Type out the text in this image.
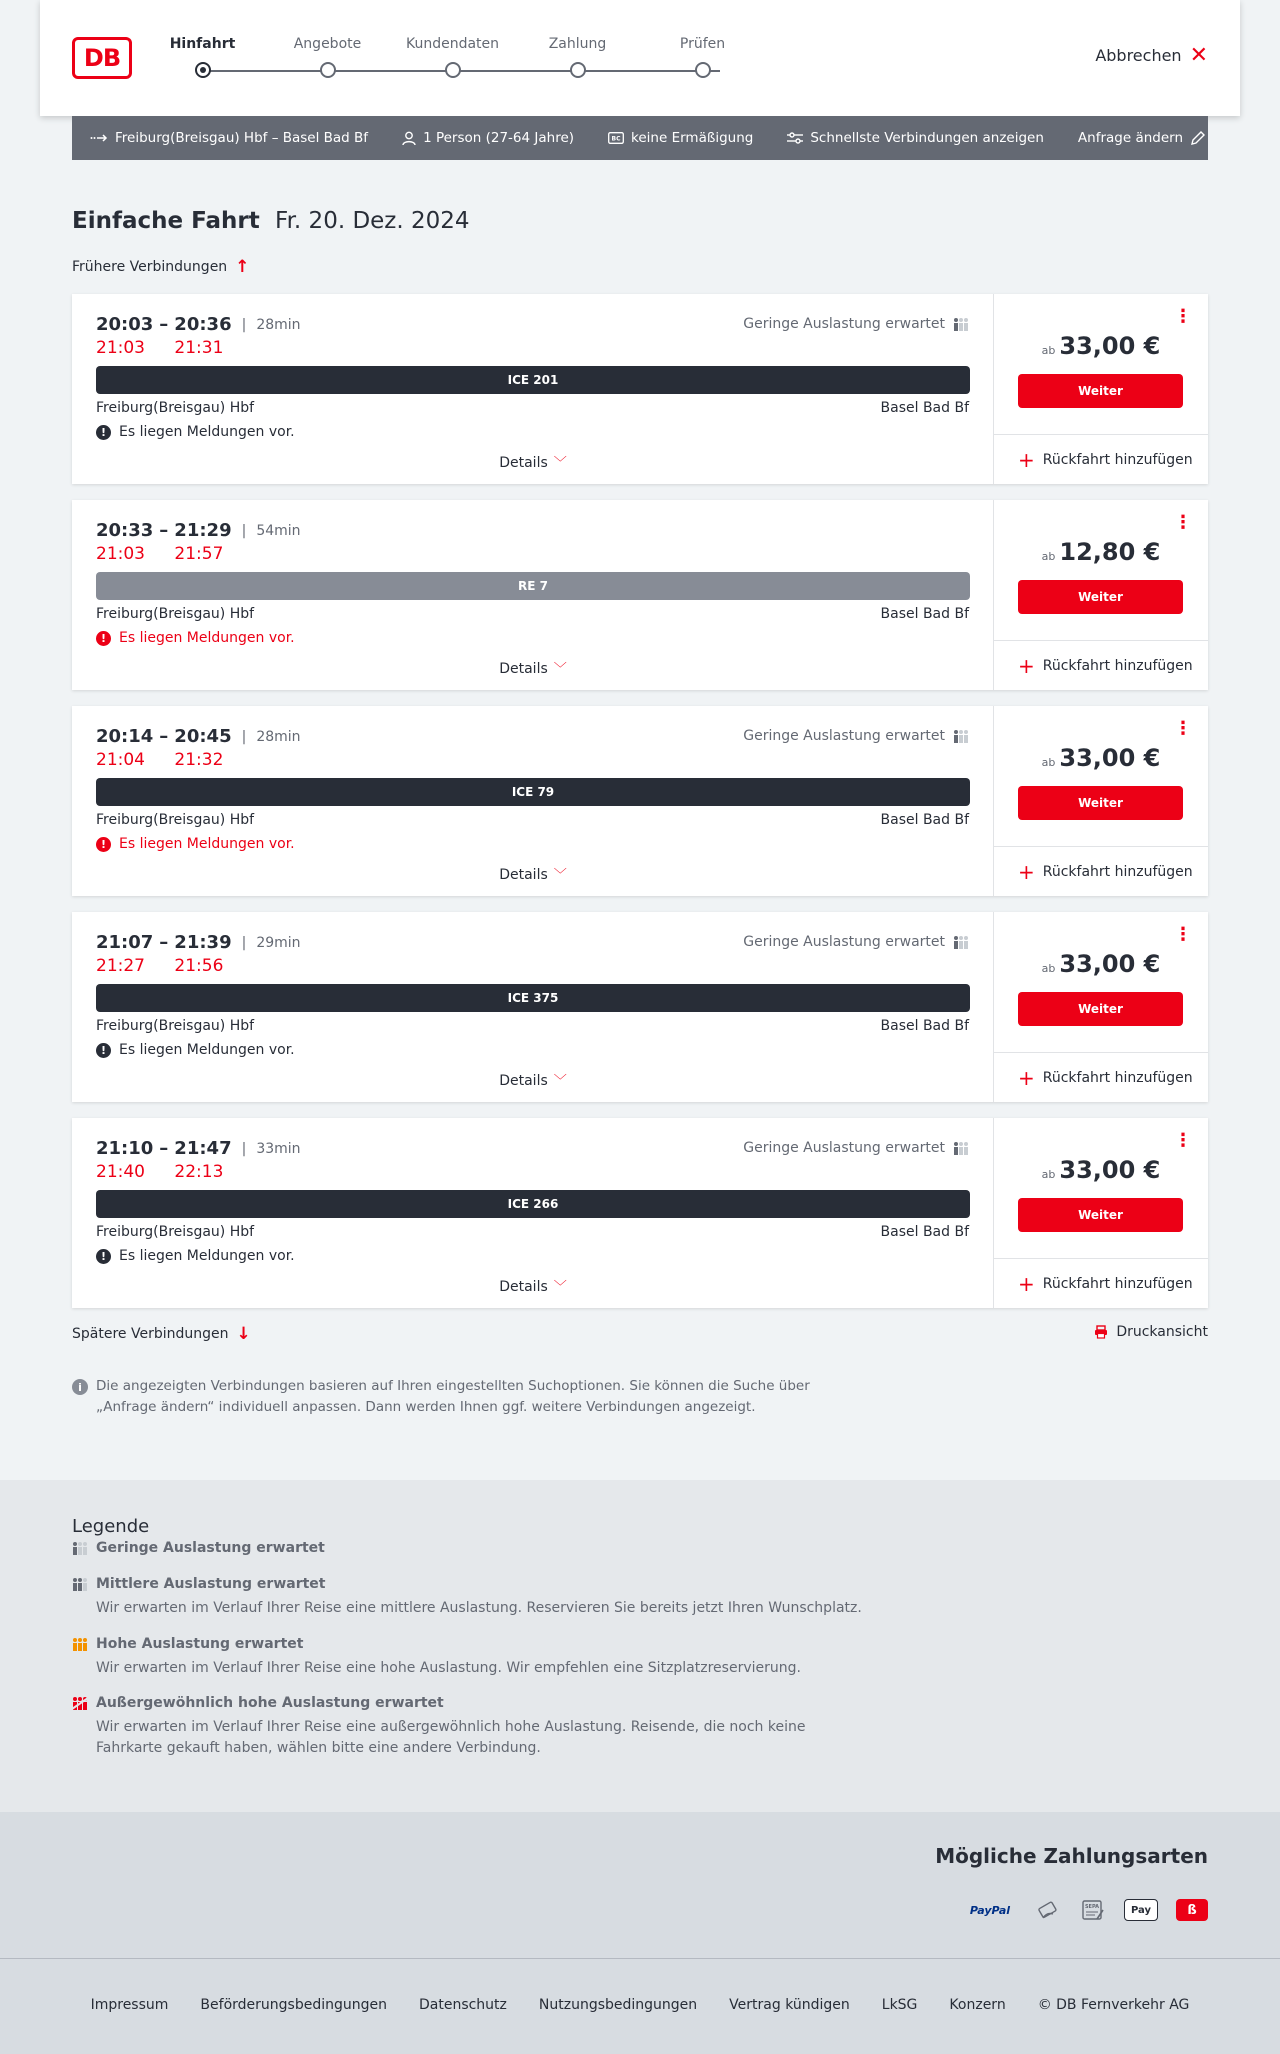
DB	Hinfahrt	Angebote	Kundendaten	Zahlung	Prüfen
Abbrechen ✕
Freiburg(Breisgau) Hbf – Basel Bad Bf	1 Person (27-64 Jahre)	BC keine Ermäßigung	Schnellste Verbindungen anzeigen	Anfrage ändern
Einfache Fahrt Fr. 20. Dez. 2024
Frühere Verbindungen ↑
20:03 – 20:36 | 28min
21:03 21:31
Geringe Auslastung erwartet
ICE 201
Freiburg(Breisgau) Hbf	Basel Bad Bf
! Es liegen Meldungen vor.
Details ﹀
⋮
ab 33,00 €
Weiter
+ Rückfahrt hinzufügen
20:33 – 21:29 | 54min
21:03 21:57
RE 7
Freiburg(Breisgau) Hbf	Basel Bad Bf
! Es liegen Meldungen vor.
Details ﹀
⋮
ab 12,80 €
Weiter
+ Rückfahrt hinzufügen
20:14 – 20:45 | 28min
21:04 21:32
Geringe Auslastung erwartet
ICE 79
Freiburg(Breisgau) Hbf	Basel Bad Bf
! Es liegen Meldungen vor.
Details ﹀
⋮
ab 33,00 €
Weiter
+ Rückfahrt hinzufügen
21:07 – 21:39 | 29min
21:27 21:56
Geringe Auslastung erwartet
ICE 375
Freiburg(Breisgau) Hbf	Basel Bad Bf
! Es liegen Meldungen vor.
Details ﹀
⋮
ab 33,00 €
Weiter
+ Rückfahrt hinzufügen
21:10 – 21:47 | 33min
21:40 22:13
Geringe Auslastung erwartet
ICE 266
Freiburg(Breisgau) Hbf	Basel Bad Bf
! Es liegen Meldungen vor.
Details ﹀
⋮
ab 33,00 €
Weiter
+ Rückfahrt hinzufügen
Spätere Verbindungen ↓	Druckansicht
i	Die angezeigten Verbindungen basieren auf Ihren eingestellten Suchoptionen. Sie können die Suche über „Anfrage ändern“ individuell anpassen. Dann werden Ihnen ggf. weitere Verbindungen angezeigt.
Legende
Geringe Auslastung erwartet
Mittlere Auslastung erwartet
Wir erwarten im Verlauf Ihrer Reise eine mittlere Auslastung. Reservieren Sie bereits jetzt Ihren Wunschplatz.
Hohe Auslastung erwartet
Wir erwarten im Verlauf Ihrer Reise eine hohe Auslastung. Wir empfehlen eine Sitzplatzreservierung.
Außergewöhnlich hohe Auslastung erwartet
Wir erwarten im Verlauf Ihrer Reise eine außergewöhnlich hohe Auslastung. Reisende, die noch keine Fahrkarte gekauft haben, wählen bitte eine andere Verbindung.
Mögliche Zahlungsarten
PayPal	SEPA	Pay	ß
Impressum Beförderungsbedingungen Datenschutz Nutzungsbedingungen Vertrag kündigen LkSG Konzern © DB Fernverkehr AG
